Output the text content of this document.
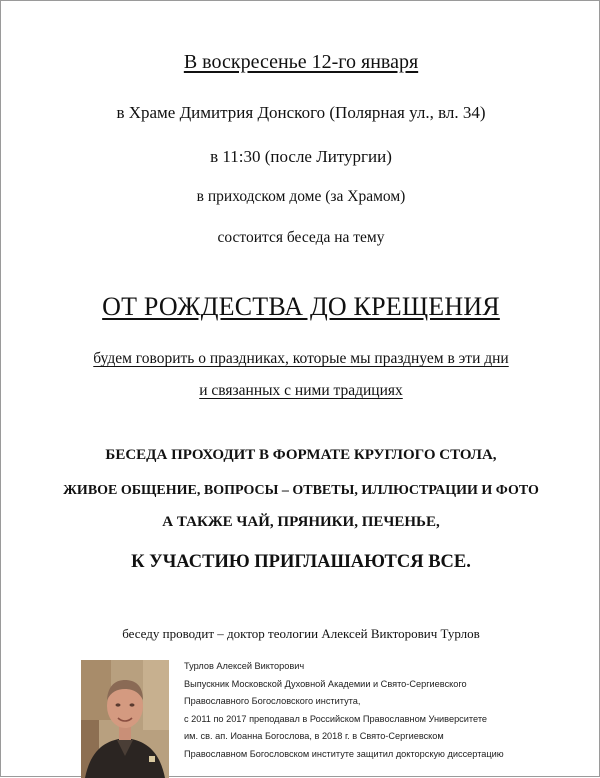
В воскресенье 12-го января
в Храме Димитрия Донского (Полярная ул., вл. 34)
в 11:30 (после Литургии)
в приходском доме (за Храмом)
состоится беседа на тему
ОТ РОЖДЕСТВА ДО КРЕЩЕНИЯ
будем говорить о праздниках, которые мы празднуем в эти дни
и связанных с ними традициях
БЕСЕДА ПРОХОДИТ В ФОРМАТЕ КРУГЛОГО СТОЛА,
ЖИВОЕ ОБЩЕНИЕ, ВОПРОСЫ – ОТВЕТЫ, ИЛЛЮСТРАЦИИ И ФОТО
А ТАКЖЕ ЧАЙ, ПРЯНИКИ, ПЕЧЕНЬЕ,
К УЧАСТИЮ ПРИГЛАШАЮТСЯ ВСЕ.
беседу проводит – доктор теологии Алексей Викторович Турлов
Турлов Алексей Викторович
Выпускник Московской Духовной Академии и Свято-Сергиевского
Православного Богословского института,
с 2011 по 2017 преподавал в Российском Православном Университете
им. св. ап. Иоанна Богослова, в 2018 г. в Свято-Сергиевском
Православном Богословском институте защитил докторскую диссертацию
